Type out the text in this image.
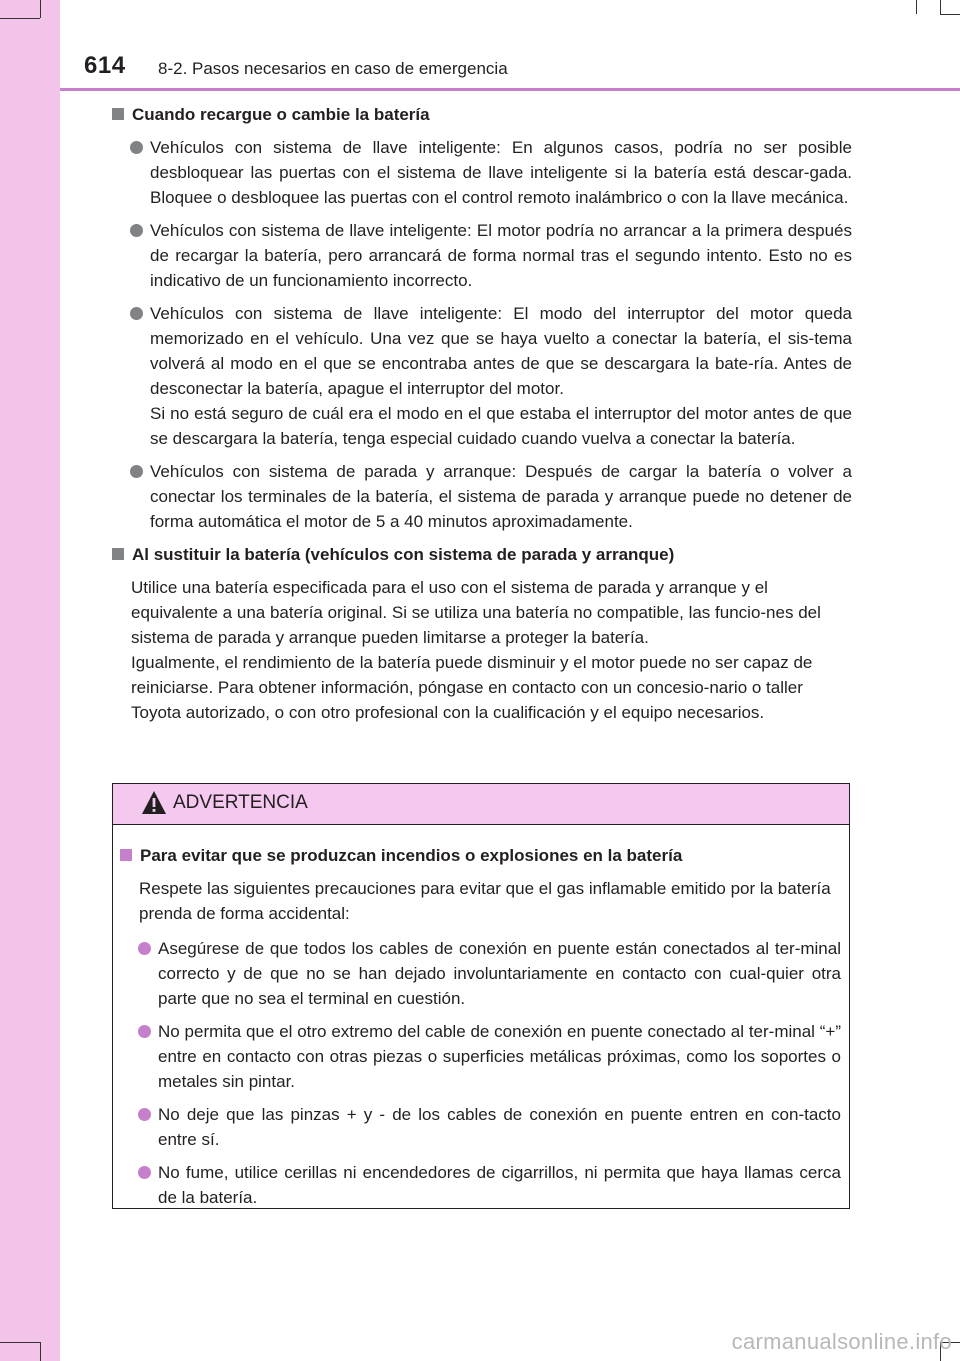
614 8-2. Pasos necesarios en caso de emergencia
Cuando recargue o cambie la batería
Vehículos con sistema de llave inteligente: En algunos casos, podría no ser posible desbloquear las puertas con el sistema de llave inteligente si la batería está descar-gada. Bloquee o desbloquee las puertas con el control remoto inalámbrico o con la llave mecánica.
Vehículos con sistema de llave inteligente: El motor podría no arrancar a la primera después de recargar la batería, pero arrancará de forma normal tras el segundo intento. Esto no es indicativo de un funcionamiento incorrecto.
Vehículos con sistema de llave inteligente: El modo del interruptor del motor queda memorizado en el vehículo. Una vez que se haya vuelto a conectar la batería, el sis-tema volverá al modo en el que se encontraba antes de que se descargara la bate-ría. Antes de desconectar la batería, apague el interruptor del motor.
Si no está seguro de cuál era el modo en el que estaba el interruptor del motor antes de que se descargara la batería, tenga especial cuidado cuando vuelva a conectar la batería.
Vehículos con sistema de parada y arranque: Después de cargar la batería o volver a conectar los terminales de la batería, el sistema de parada y arranque puede no detener de forma automática el motor de 5 a 40 minutos aproximadamente.
Al sustituir la batería (vehículos con sistema de parada y arranque)
Utilice una batería especificada para el uso con el sistema de parada y arranque y el equivalente a una batería original. Si se utiliza una batería no compatible, las funcio-nes del sistema de parada y arranque pueden limitarse a proteger la batería.
Igualmente, el rendimiento de la batería puede disminuir y el motor puede no ser capaz de reiniciarse. Para obtener información, póngase en contacto con un concesio-nario o taller Toyota autorizado, o con otro profesional con la cualificación y el equipo necesarios.
ADVERTENCIA
Para evitar que se produzcan incendios o explosiones en la batería
Respete las siguientes precauciones para evitar que el gas inflamable emitido por la batería prenda de forma accidental:
Asegúrese de que todos los cables de conexión en puente están conectados al ter-minal correcto y de que no se han dejado involuntariamente en contacto con cual-quier otra parte que no sea el terminal en cuestión.
No permita que el otro extremo del cable de conexión en puente conectado al ter-minal “+” entre en contacto con otras piezas o superficies metálicas próximas, como los soportes o metales sin pintar.
No deje que las pinzas + y - de los cables de conexión en puente entren en con-tacto entre sí.
No fume, utilice cerillas ni encendedores de cigarrillos, ni permita que haya llamas cerca de la batería.
carmanualsonline.info
